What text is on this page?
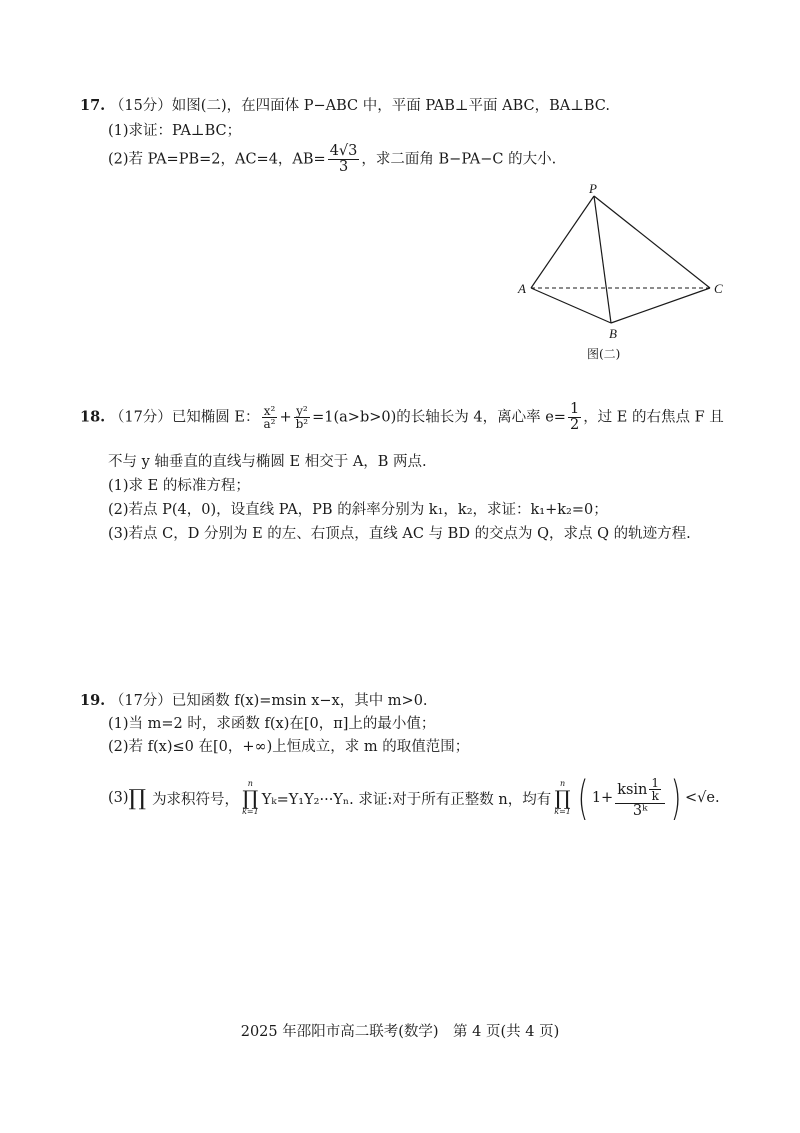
17. （15分）如图(二)，在四面体 P−ABC 中，平面 PAB⊥平面 ABC，BA⊥BC.
(1)求证：PA⊥BC；
(2)若 PA=PB=2，AC=4，$AB= \frac{4√3}{3}$ ，求二面角 B−PA−C 的大小.
P
A	C
B
图(二)
18. （17分）已知椭圆 E： $\frac{\text{x²}}{\text{a²}} + \frac{\text{y²}}{\text{b²}} =1(a>b>0)$的长轴长为 4，离心率 $e= \frac{1}{2}$ ，过 E 的右焦点 F 且
不与 y 轴垂直的直线与椭圆 E 相交于 A，B 两点.
(1)求 E 的标准方程；
(2)若点 P(4，0)，设直线 PA，PB 的斜率分别为 k₁，k₂，求证：k₁+k₂=0；
(3)若点 C，D 分别为 E 的左、右顶点，直线 AC 与 BD 的交点为 Q，求点 Q 的轨迹方程.
19. （17分）已知函数 f(x)=msin x−x，其中 m>0.
(1)当 m=2 时，求函数 f(x)在[0，π]上的最小值；
(2)若 f(x)≤0 在[0，+∞)上恒成立，求 m 的取值范围；
(3) ∏ 为求积符号，
n
∏
k=1
Yₖ=Y₁Y₂···Yₙ. 求证:对于所有正整数 n，均有
n
∏
k=1 ( $1+ \frac{ksin \frac{1}{k}}{\text{3ᵏ}}$ ) <√e.
2025 年邵阳市高二联考(数学)　第 4 页(共 4 页)
